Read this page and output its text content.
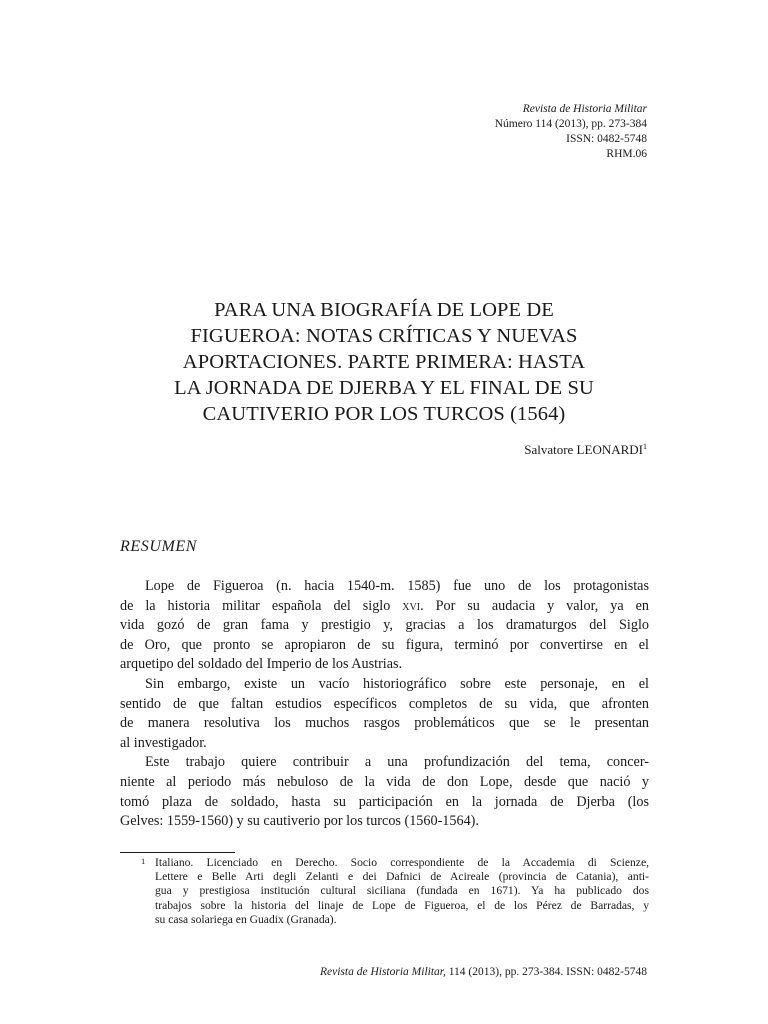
Revista de Historia Militar
Número 114 (2013), pp. 273-384
ISSN: 0482-5748
RHM.06
PARA UNA BIOGRAFÍA DE LOPE DE
FIGUEROA: NOTAS CRÍTICAS Y NUEVAS
APORTACIONES. PARTE PRIMERA: HASTA
LA JORNADA DE DJERBA Y EL FINAL DE SU
CAUTIVERIO POR LOS TURCOS (1564)
Salvatore LEONARDI$^1$
RESUMEN

Lope de Figueroa (n. hacia 1540-m. 1585) fue uno de los protagonistas
de la historia militar española del siglo xvi. Por su audacia y valor, ya en
vida gozó de gran fama y prestigio y, gracias a los dramaturgos del Siglo
de Oro, que pronto se apropiaron de su figura, terminó por convertirse en el
arquetipo del soldado del Imperio de los Austrias.

Sin embargo, existe un vacío historiográfico sobre este personaje, en el
sentido de que faltan estudios específicos completos de su vida, que afronten
de manera resolutiva los muchos rasgos problemáticos que se le presentan
al investigador.

Este trabajo quiere contribuir a una profundización del tema, concer-
niente al periodo más nebuloso de la vida de don Lope, desde que nació y
tomó plaza de soldado, hasta su participación en la jornada de Djerba (los
Gelves: 1559-1560) y su cautiverio por los turcos (1560-1564).

1 Italiano. Licenciado en Derecho. Socio correspondiente de la Accademia di Scienze,
Lettere e Belle Arti degli Zelanti e dei Dafnici de Acireale (provincia de Catania), anti-
gua y prestigiosa institución cultural siciliana (fundada en 1671). Ya ha publicado dos
trabajos sobre la historia del linaje de Lope de Figueroa, el de los Pérez de Barradas, y
su casa solariega en Guadix (Granada).
Revista de Historia Militar, 114 (2013), pp. 273-384. ISSN: 0482-5748
